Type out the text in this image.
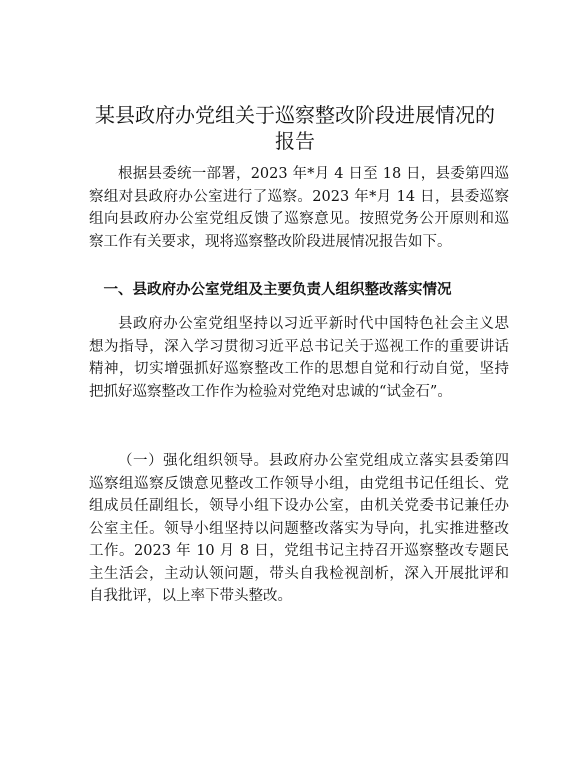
某县政府办党组关于巡察整改阶段进展情况的报告

根据县委统一部署，2023 年*月 4 日至 18 日，县委第四巡察组对县政府办公室进行了巡察。2023 年*月 14 日，县委巡察组向县政府办公室党组反馈了巡察意见。按照党务公开原则和巡察工作有关要求，现将巡察整改阶段进展情况报告如下。

一、县政府办公室党组及主要负责人组织整改落实情况

县政府办公室党组坚持以习近平新时代中国特色社会主义思想为指导，深入学习贯彻习近平总书记关于巡视工作的重要讲话精神，切实增强抓好巡察整改工作的思想自觉和行动自觉，坚持把抓好巡察整改工作作为检验对党绝对忠诚的“试金石”。

（一）强化组织领导。县政府办公室党组成立落实县委第四巡察组巡察反馈意见整改工作领导小组，由党组书记任组长、党组成员任副组长，领导小组下设办公室，由机关党委书记兼任办公室主任。领导小组坚持以问题整改落实为导向，扎实推进整改工作。2023 年 10 月 8 日，党组书记主持召开巡察整改专题民主生活会，主动认领问题，带头自我检视剖析，深入开展批评和自我批评，以上率下带头整改。
